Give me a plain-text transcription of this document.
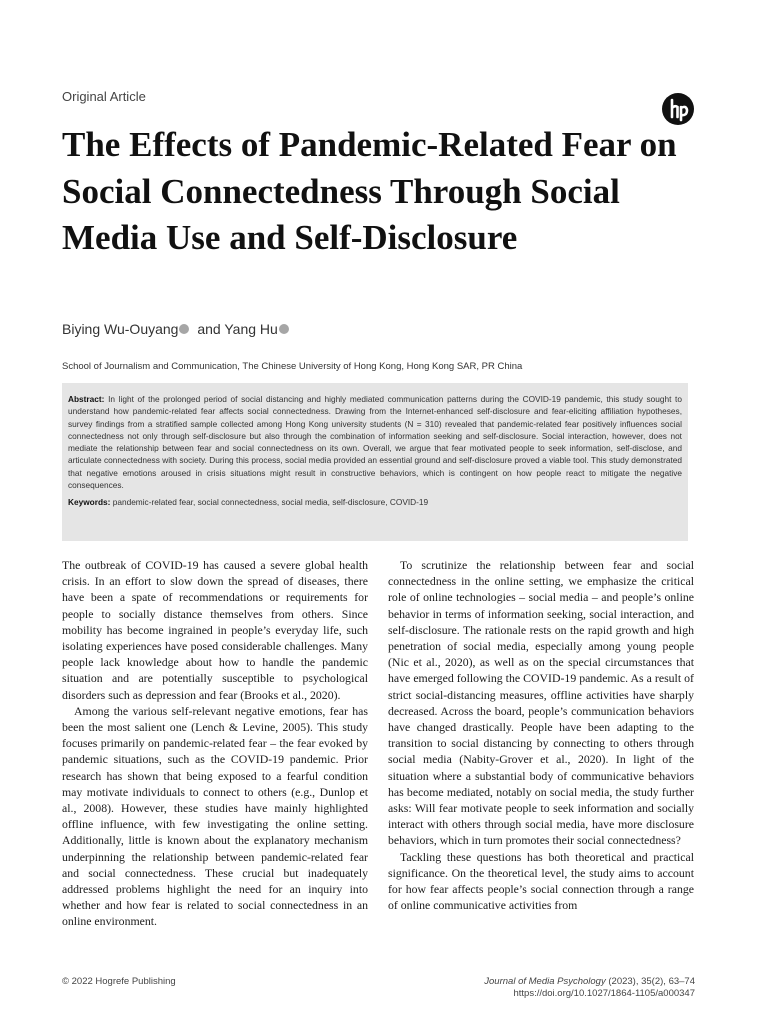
Original Article
The Effects of Pandemic-Related Fear on Social Connectedness Through Social Media Use and Self-Disclosure
Biying Wu-Ouyang and Yang Hu
School of Journalism and Communication, The Chinese University of Hong Kong, Hong Kong SAR, PR China

Abstract: In light of the prolonged period of social distancing and highly mediated communication patterns during the COVID-19 pandemic, this study sought to understand how pandemic-related fear affects social connectedness. Drawing from the Internet-enhanced self-disclosure and fear-eliciting affiliation hypotheses, survey findings from a stratified sample collected among Hong Kong university students (N = 310) revealed that pandemic-related fear positively influences social connectedness not only through self-disclosure but also through the combination of information seeking and self-disclosure. Social interaction, however, does not mediate the relationship between fear and social connectedness on its own. Overall, we argue that fear motivated people to seek information, self-disclose, and articulate connectedness with society. During this process, social media provided an essential ground and self-disclosure proved a viable tool. This study demonstrated that negative emotions aroused in crisis situations might result in constructive behaviors, which is contingent on how people react to mitigate the negative consequences.

Keywords: pandemic-related fear, social connectedness, social media, self-disclosure, COVID-19

The outbreak of COVID-19 has caused a severe global health crisis. In an effort to slow down the spread of diseases, there have been a spate of recommendations or requirements for people to socially distance themselves from others. Since mobility has become ingrained in people’s everyday life, such isolating experiences have posed considerable challenges. Many people lack knowledge about how to handle the pandemic situation and are potentially susceptible to psychological disorders such as depression and fear (Brooks et al., 2020).

Among the various self-relevant negative emotions, fear has been the most salient one (Lench & Levine, 2005). This study focuses primarily on pandemic-related fear – the fear evoked by pandemic situations, such as the COVID-19 pandemic. Prior research has shown that being exposed to a fearful condition may motivate individuals to connect to others (e.g., Dunlop et al., 2008). However, these studies have mainly highlighted offline influence, with few investigating the online setting. Additionally, little is known about the explanatory mechanism underpinning the relationship between pandemic-related fear and social connectedness. These crucial but inadequately addressed problems highlight the need for an inquiry into whether and how fear is related to social connectedness in an online environment.

To scrutinize the relationship between fear and social connectedness in the online setting, we emphasize the critical role of online technologies – social media – and people’s online behavior in terms of information seeking, social interaction, and self-disclosure. The rationale rests on the rapid growth and high penetration of social media, especially among young people (Nic et al., 2020), as well as on the special circumstances that have emerged following the COVID-19 pandemic. As a result of strict social-distancing measures, offline activities have sharply decreased. Across the board, people’s communication behaviors have changed drastically. People have been adapting to the transition to social distancing by connecting to others through social media (Nabity-Grover et al., 2020). In light of the situation where a substantial body of communicative behaviors has become mediated, notably on social media, the study further asks: Will fear motivate people to seek information and socially interact with others through social media, have more disclosure behaviors, which in turn promotes their social connectedness?

Tackling these questions has both theoretical and practical significance. On the theoretical level, the study aims to account for how fear affects people’s social connection through a range of online communicative activities from

© 2022 Hogrefe Publishing	Journal of Media Psychology (2023), 35(2), 63–74
https://doi.org/10.1027/1864-1105/a000347
